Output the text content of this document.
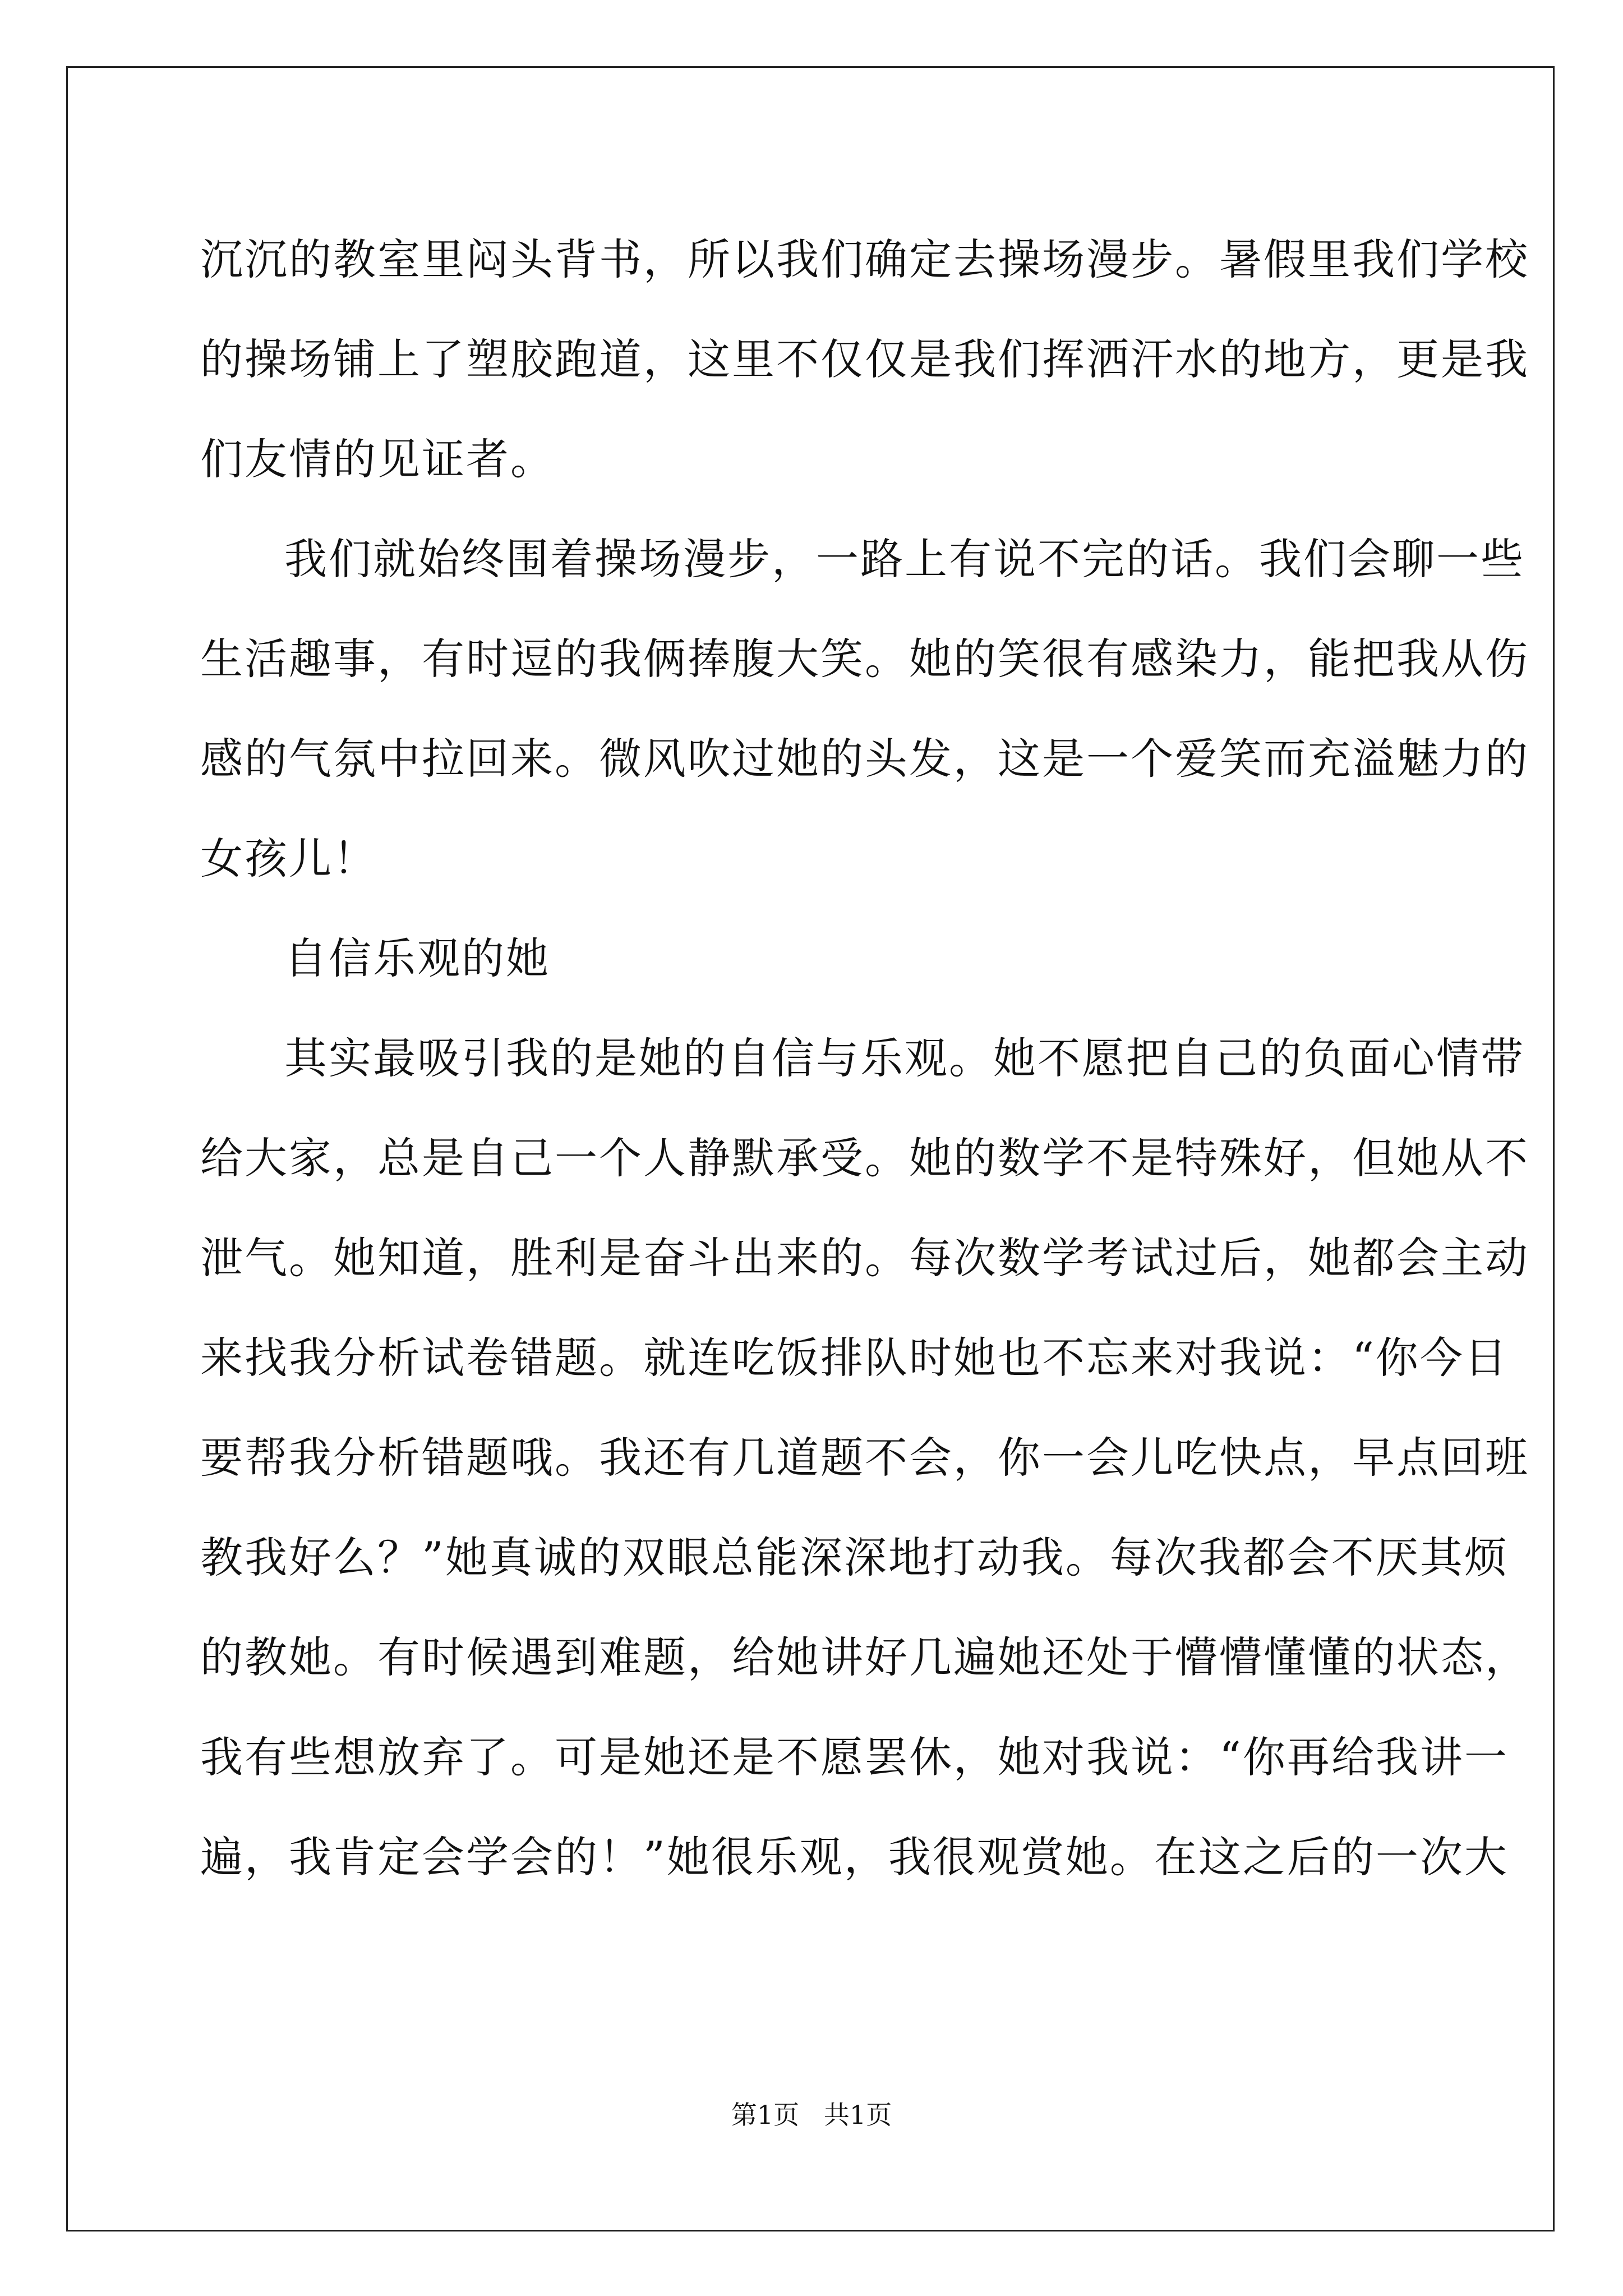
沉沉的教室里闷头背书，所以我们确定去操场漫步。暑假里我们学校
的操场铺上了塑胶跑道，这里不仅仅是我们挥洒汗水的地方，更是我
们友情的见证者。
我们就始终围着操场漫步，一路上有说不完的话。我们会聊一些
生活趣事，有时逗的我俩捧腹大笑。她的笑很有感染力，能把我从伤
感的气氛中拉回来。微风吹过她的头发，这是一个爱笑而充溢魅力的
女孩儿！
自信乐观的她
其实最吸引我的是她的自信与乐观。她不愿把自己的负面心情带
给大家，总是自己一个人静默承受。她的数学不是特殊好，但她从不
泄气。她知道，胜利是奋斗出来的。每次数学考试过后，她都会主动
来找我分析试卷错题。就连吃饭排队时她也不忘来对我说：“你今日
要帮我分析错题哦。我还有几道题不会，你一会儿吃快点，早点回班
教我好么？”她真诚的双眼总能深深地打动我。每次我都会不厌其烦
的教她。有时候遇到难题，给她讲好几遍她还处于懵懵懂懂的状态，
我有些想放弃了。可是她还是不愿罢休，她对我说：“你再给我讲一
遍，我肯定会学会的！”她很乐观，我很观赏她。在这之后的一次大
第1页   共1页
